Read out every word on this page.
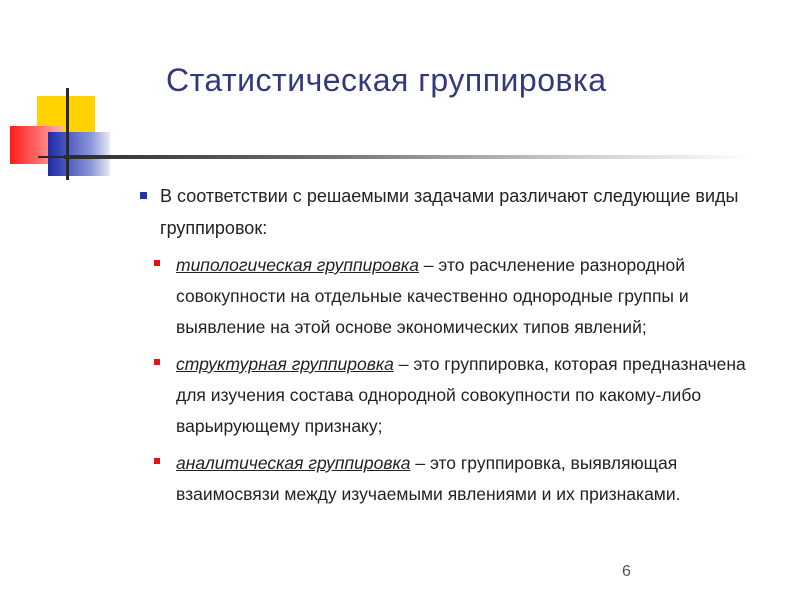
Статистическая группировка
В соответствии с решаемыми задачами различают следующие виды группировок:
типологическая группировка – это расчленение разнородной совокупности на отдельные качественно однородные группы и выявление на этой основе экономических типов явлений;
структурная группировка – это группировка, которая предназначена для изучения состава однородной совокупности по какому-либо варьирующему признаку;
аналитическая группировка – это группировка, выявляющая взаимосвязи между изучаемыми явлениями и их признаками.
6
